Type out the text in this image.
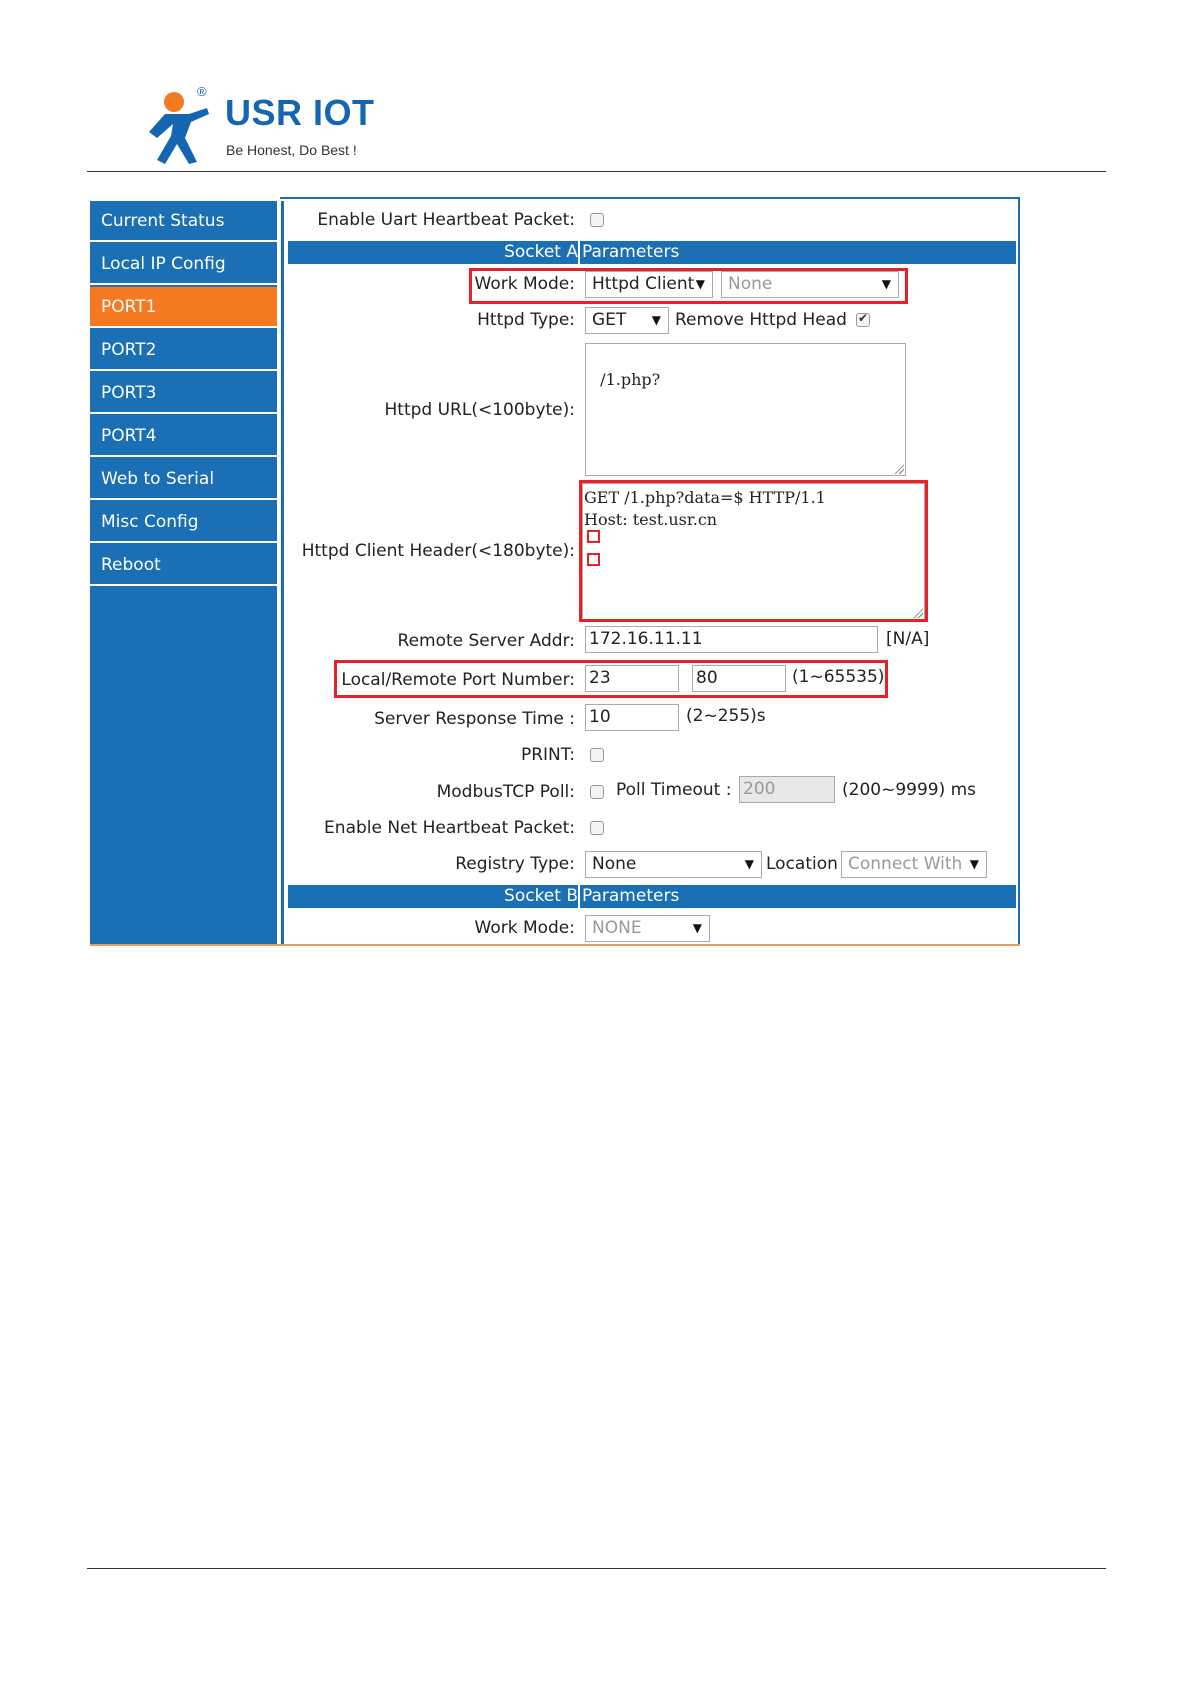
®
USR IOT
Be Honest, Do Best !
Current Status
Local IP Config
PORT1
PORT2
PORT3
PORT4
Web to Serial
Misc Config
Reboot
Enable Uart Heartbeat Packet:
Socket A Parameters
Work Mode:	Httpd Client ▼	None	▼
Httpd Type:	GET ▼ Remove Httpd Head
✔
Httpd URL(<100byte):

/1.php?

Httpd Client Header(<180byte):
GET /1.php?data=$ HTTP/1.1
Host: test.usr.cn
Remote Server Addr: 172.16.11.11	[N/A]
Local/Remote Port Number: 23	80	(1~65535)
Server Response Time : 10	(2~255)s
PRINT:
ModbusTCP Poll: Poll Timeout : 200	(200~9999) ms
Enable Net Heartbeat Packet:
Registry Type:	None	▼ Location Connect With ▼
Socket B Parameters
Work Mode:	NONE	▼
